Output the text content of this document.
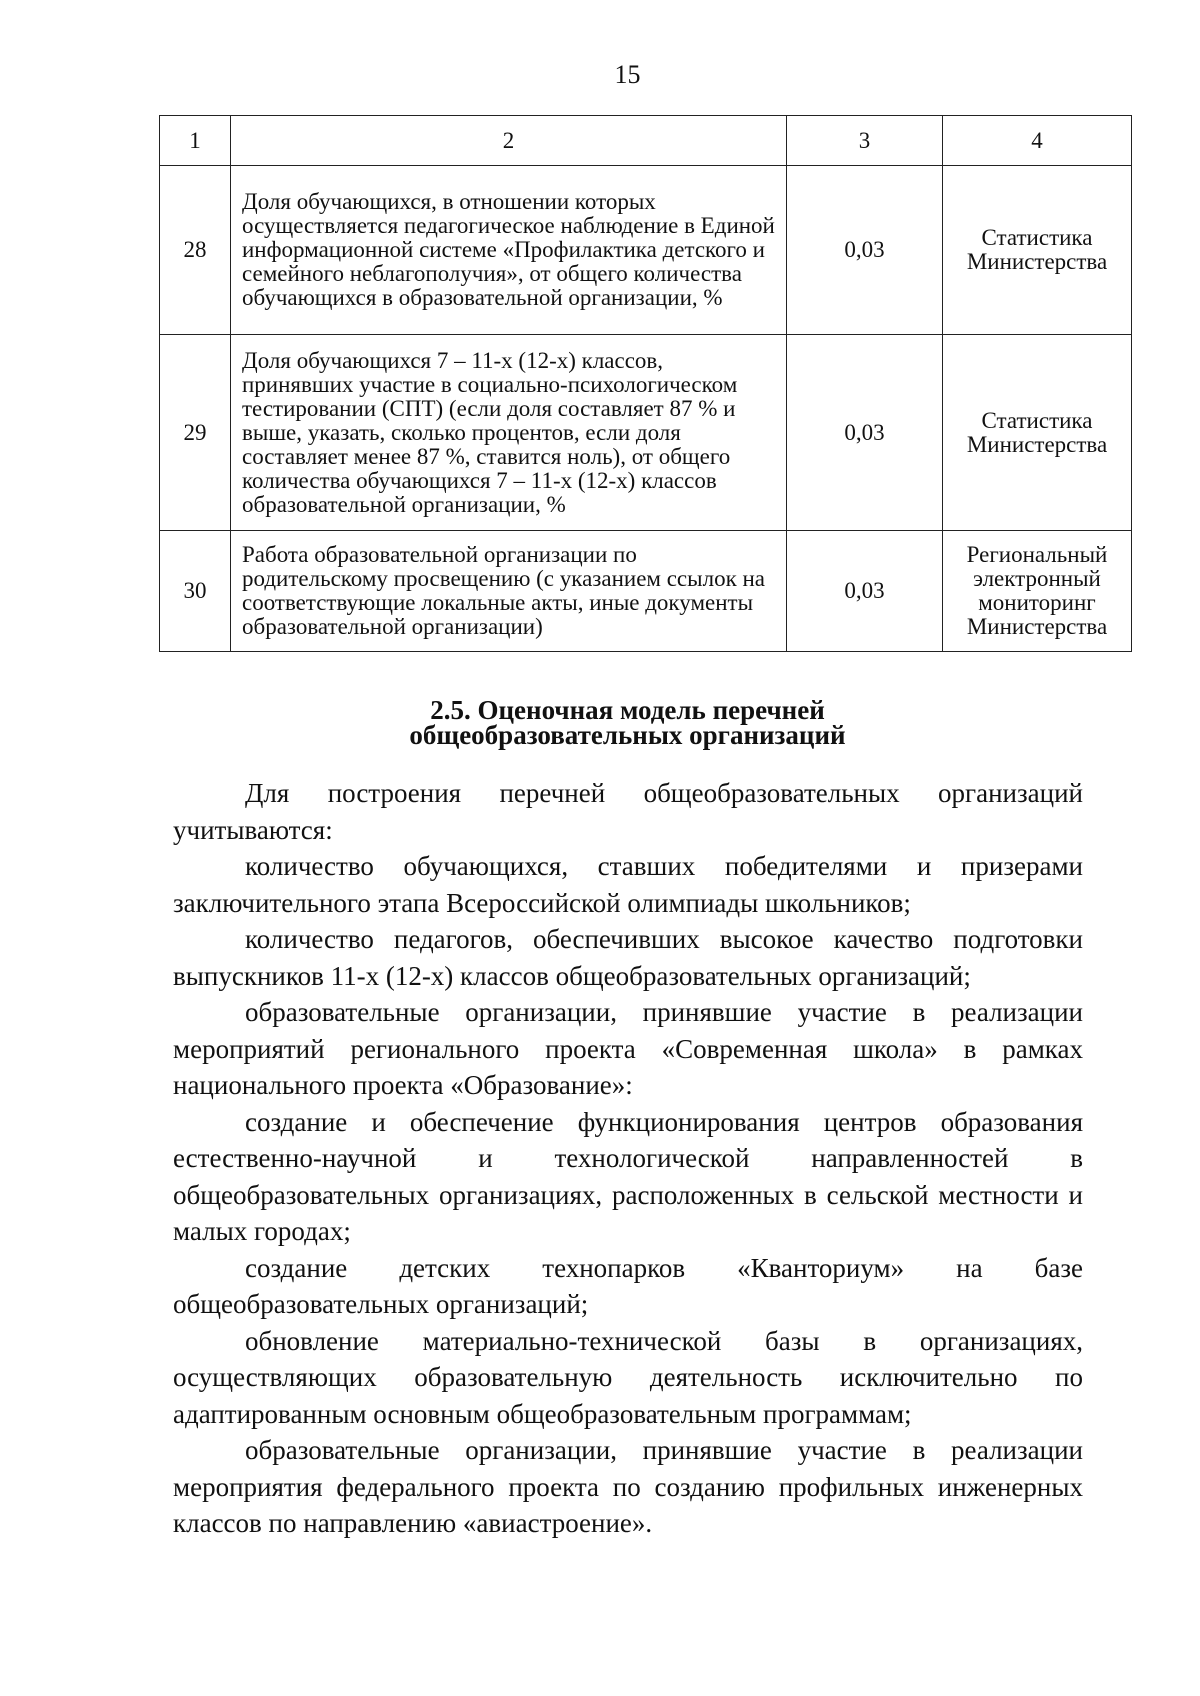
15
1	2	3	4
28	Доля обучающихся, в отношении которых осуществляется педагогическое наблюдение в Единой информационной системе «Профилактика детского и семейного неблагополучия», от общего количества обучающихся в образовательной организации, %	0,03	Статистика Министерства
29	Доля обучающихся 7 – 11-х (12-х) классов, принявших участие в социально-психологическом тестировании (СПТ) (если доля составляет 87 % и выше, указать, сколько процентов, если доля составляет менее 87 %, ставится ноль), от общего количества обучающихся 7 – 11-х (12-х) классов образовательной организации, %	0,03	Статистика Министерства
30	Работа образовательной организации по родительскому просвещению (с указанием ссылок на соответствующие локальные акты, иные документы образовательной организации)	0,03	Региональный электронный мониторинг Министерства
2.5. Оценочная модель перечней
общеобразовательных организаций

Для построения перечней общеобразовательных организаций учитываются:

количество обучающихся, ставших победителями и призерами заключительного этапа Всероссийской олимпиады школьников;

количество педагогов, обеспечивших высокое качество подготовки выпускников 11-х (12-х) классов общеобразовательных организаций;

образовательные организации, принявшие участие в реализации мероприятий регионального проекта «Современная школа» в рамках национального проекта «Образование»:

создание и обеспечение функционирования центров образования естественно-научной и технологической направленностей в общеобразовательных организациях, расположенных в сельской местности и малых городах;

создание детских технопарков «Кванториум» на базе общеобразовательных организаций;

обновление материально-технической базы в организациях, осуществляющих образовательную деятельность исключительно по адаптированным основным общеобразовательным программам;

образовательные организации, принявшие участие в реализации мероприятия федерального проекта по созданию профильных инженерных классов по направлению «авиастроение».
